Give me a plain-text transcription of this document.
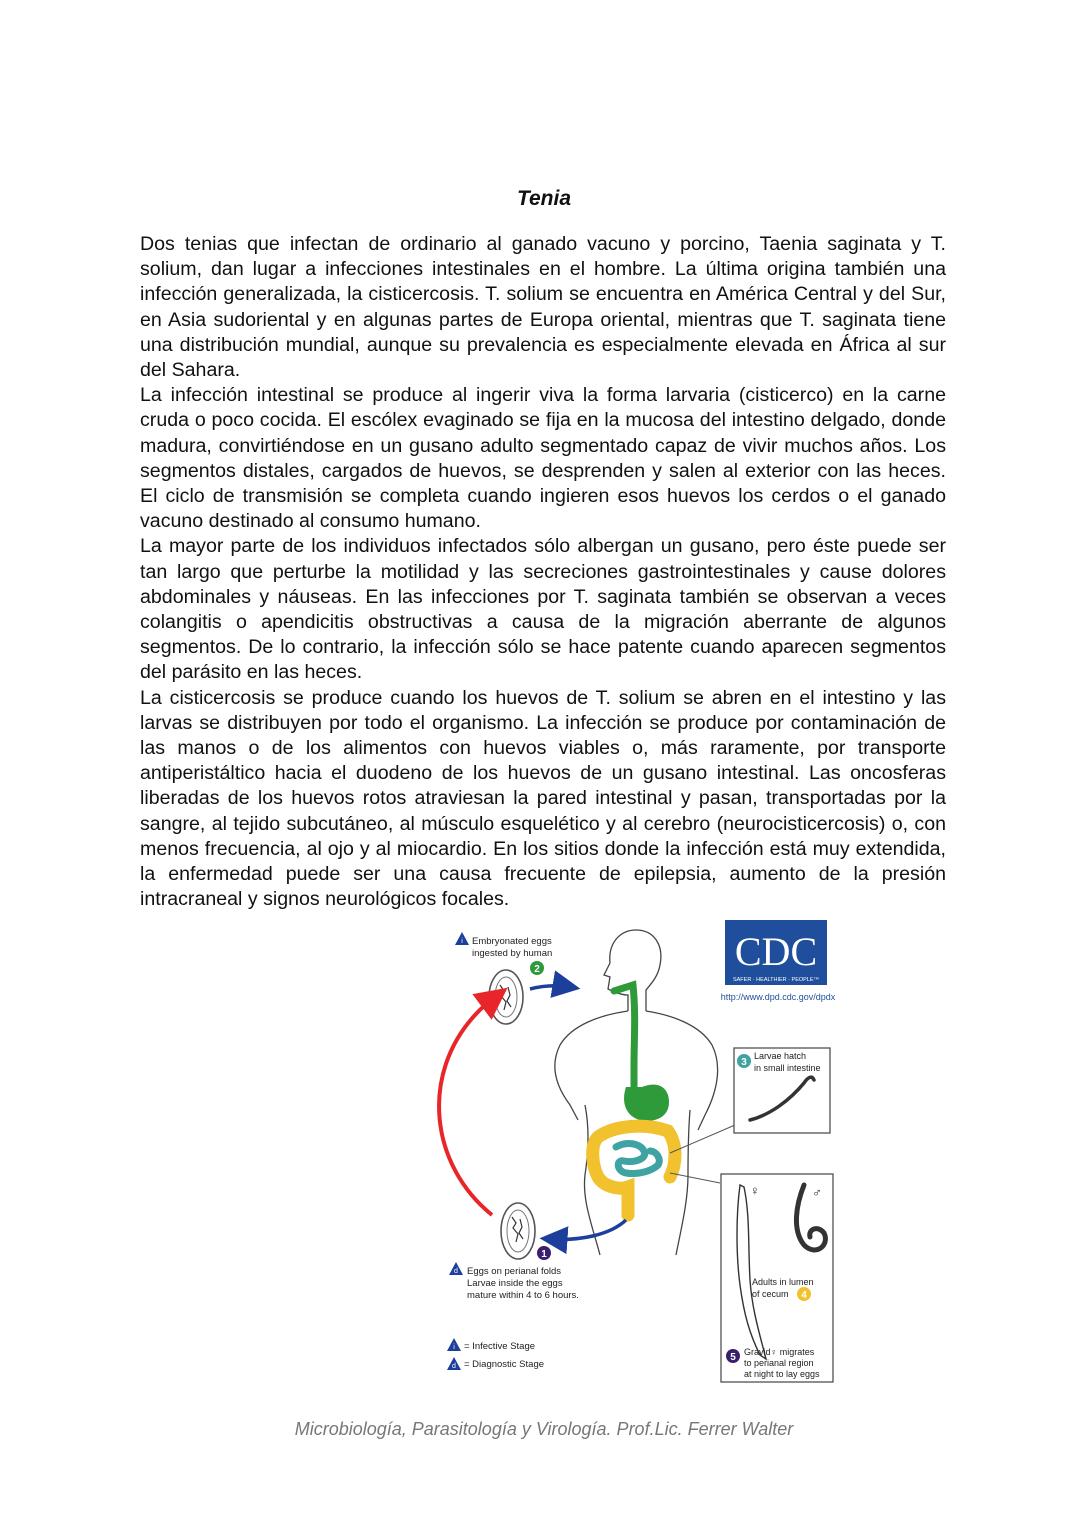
Tenia

Dos tenias que infectan de ordinario al ganado vacuno y porcino, Taenia saginata y T. solium, dan lugar a infecciones intestinales en el hombre. La última origina también una infección generalizada, la cisticercosis. T. solium se encuentra en América Central y del Sur, en Asia sudoriental y en algunas partes de Europa oriental, mientras que T. saginata tiene una distribución mundial, aunque su prevalencia es especialmente elevada en África al sur del Sahara.

La infección intestinal se produce al ingerir viva la forma larvaria (cisticerco) en la carne cruda o poco cocida. El escólex evaginado se fija en la mucosa del intestino delgado, donde madura, convirtiéndose en un gusano adulto segmentado capaz de vivir muchos años. Los segmentos distales, cargados de huevos, se desprenden y salen al exterior con las heces. El ciclo de transmisión se completa cuando ingieren esos huevos los cerdos o el ganado vacuno destinado al consumo humano.

La mayor parte de los individuos infectados sólo albergan un gusano, pero éste puede ser tan largo que perturbe la motilidad y las secreciones gastrointestinales y cause dolores abdominales y náuseas. En las infecciones por T. saginata también se observan a veces colangitis o apendicitis obstructivas a causa de la migración aberrante de algunos segmentos. De lo contrario, la infección sólo se hace patente cuando aparecen segmentos del parásito en las heces.

La cisticercosis se produce cuando los huevos de T. solium se abren en el intestino y las larvas se distribuyen por todo el organismo. La infección se produce por contaminación de las manos o de los alimentos con huevos viables o, más raramente, por transporte antiperistáltico hacia el duodeno de los huevos de un gusano intestinal. Las oncosferas liberadas de los huevos rotos atraviesan la pared intestinal y pasan, transportadas por la sangre, al tejido subcutáneo, al músculo esquelético y al cerebro (neurocisticercosis) o, con menos frecuencia, al ojo y al miocardio. En los sitios donde la infección está muy extendida, la enfermedad puede ser una causa frecuente de epilepsia, aumento de la presión intracraneal y signos neurológicos focales.

CDC
SAFER · HEALTHIER · PEOPLE™
http://www.dpd.cdc.gov/dpdx
i Embryonated eggs
ingested by human
2
1
d Eggs on perianal folds
Larvae inside the eggs
mature within 4 to 6 hours.
3
Larvae hatch
in small intestine
♀	♂
Adults in lumen
of cecum 4
5 Gravid♀ migrates
to perianal region
at night to lay eggs
i = Infective Stage
d = Diagnostic Stage
Microbiología, Parasitología y Virología. Prof.Lic. Ferrer Walter
